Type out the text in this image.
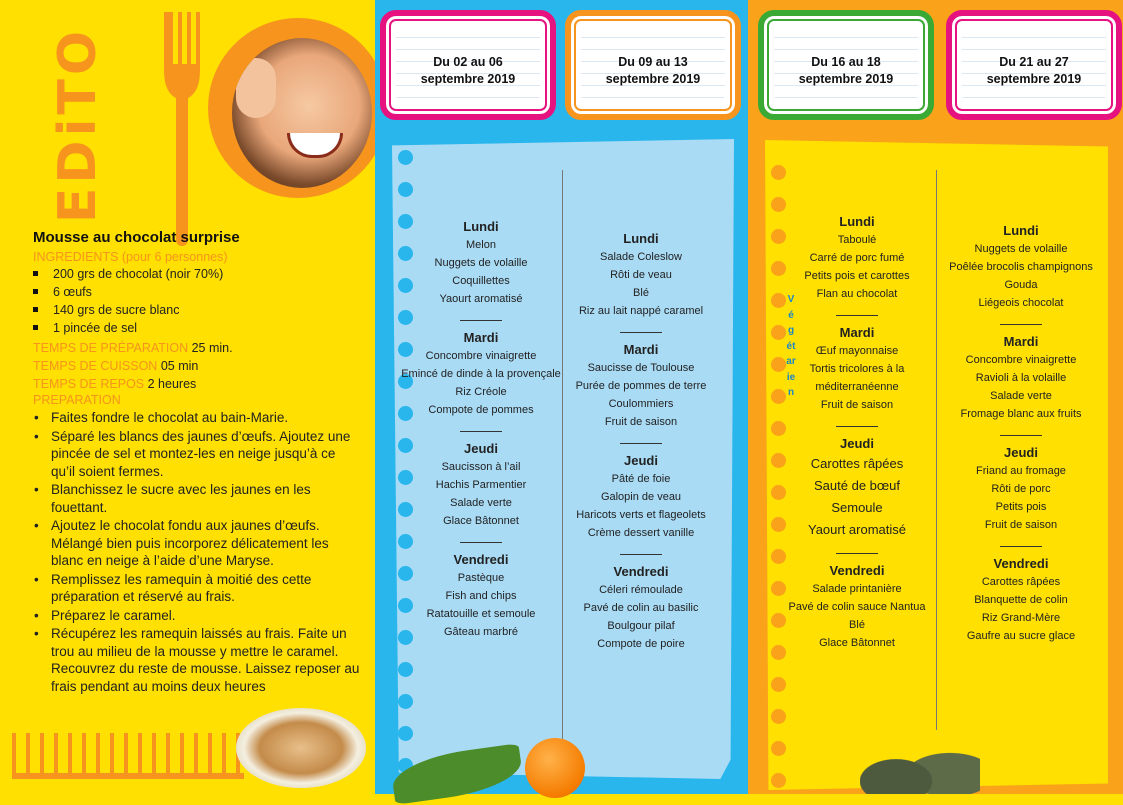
EDiTO
Mousse au chocolat surprise
INGREDIENTS (pour 6 personnes)
200 grs de chocolat (noir 70%)
6 œufs
140 grs de sucre blanc
1 pincée de sel
TEMPS DE PRÉPARATION 25 min.
TEMPS DE CUISSON 05 min
TEMPS DE REPOS 2 heures
PREPARATION
• Faites fondre le chocolat au bain-Marie.
• Séparé les blancs des jaunes d’œufs. Ajoutez une pincée de sel et montez-les en neige jusqu’à ce qu’il soient fermes.
• Blanchissez le sucre avec les jaunes en les fouettant.
• Ajoutez le chocolat fondu aux jaunes d’œufs. Mélangé bien puis incorporez délicatement les blanc en neige à l’aide d’une Maryse.
• Remplissez les ramequin à moitié des cette préparation et réservé au frais.
• Préparez le caramel.
• Récupérez les ramequin laissés au frais. Faite un trou au milieu de la mousse y mettre le caramel. Recouvrez du reste de mousse. Laissez reposer au frais pendant au moins deux heures
Végétarien
Du 02 au 06
septembre 2019
Du 09 au 13
septembre 2019
Du 16 au 18
septembre 2019
Du 21 au 27
septembre 2019
Lundi
Melon
Nuggets de volaille
Coquillettes
Yaourt aromatisé
Mardi
Concombre vinaigrette
Emincé de dinde à la provençale
Riz Créole
Compote de pommes
Jeudi
Saucisson à l’ail
Hachis Parmentier
Salade verte
Glace Bâtonnet
Vendredi
Pastèque
Fish and chips
Ratatouille et semoule
Gâteau marbré
Lundi
Salade Coleslow
Rôti de veau
Blé
Riz au lait nappé caramel
Mardi
Saucisse de Toulouse
Purée de pommes de terre
Coulommiers
Fruit de saison
Jeudi
Pâté de foie
Galopin de veau
Haricots verts et flageolets
Crème dessert vanille
Vendredi
Céleri rémoulade
Pavé de colin au basilic
Boulgour pilaf
Compote de poire
Lundi
Taboulé
Carré de porc fumé
Petits pois et carottes
Flan au chocolat
Mardi
Œuf mayonnaise
Tortis tricolores à la méditerranéenne
Fruit de saison
Jeudi
Carottes râpées
Sauté de bœuf
Semoule
Yaourt aromatisé
Vendredi
Salade printanière
Pavé de colin sauce Nantua
Blé
Glace Bâtonnet
Lundi
Nuggets de volaille
Poêlée brocolis champignons
Gouda
Liégeois chocolat
Mardi
Concombre vinaigrette
Ravioli à la volaille
Salade verte
Fromage blanc aux fruits
Jeudi
Friand au fromage
Rôti de porc
Petits pois
Fruit de saison
Vendredi
Carottes râpées
Blanquette de colin
Riz Grand-Mère
Gaufre au sucre glace
